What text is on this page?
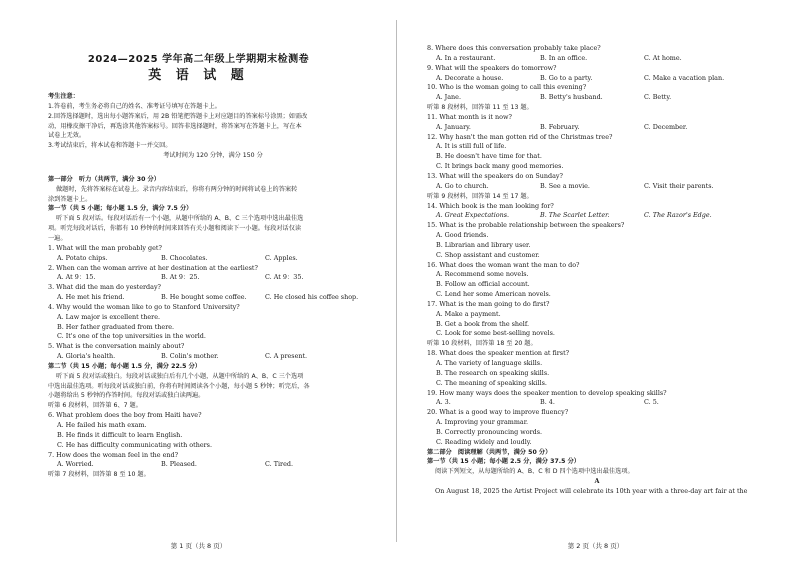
2024—2025 学年高二年级上学期期末检测卷
英 语 试 题
考生注意：
1.答卷前，考生务必将自己的姓名、准考证号填写在答题卡上。
2.回答选择题时，选出每小题答案后，用 2B 铅笔把答题卡上对应题目的答案标号涂黑；如需改
动，用橡皮擦干净后，再选涂其他答案标号。回答非选择题时，将答案写在答题卡上，写在本
试卷上无效。
3.考试结束后，将本试卷和答题卡一并交回。
考试时间为 120 分钟，满分 150 分
第一部分　听力（共两节，满分 30 分）
做题时，先将答案标在试卷上。录音内容结束后，你将有两分钟的时间将试卷上的答案转
涂到答题卡上。
第一节（共 5 小题；每小题 1.5 分，满分 7.5 分）
听下面 5 段对话。每段对话后有一个小题，从题中所给的 A、B、C 三个选项中选出最佳选
项。听完每段对话后，你都有 10 秒钟的时间来回答有关小题和阅读下一小题。每段对话仅读
一遍。
1. What will the man probably get?
A. Potato chips.	B. Chocolates.	C. Apples.
2. When can the woman arrive at her destination at the earliest?
A. At 9：15.	B. At 9：25.	C. At 9：35.
3. What did the man do yesterday?
A. He met his friend.	B. He bought some coffee.	C. He closed his coffee shop.
4. Why would the woman like to go to Stanford University?
A. Law major is excellent there.
B. Her father graduated from there.
C. It's one of the top universities in the world.
5. What is the conversation mainly about?
A. Gloria's health.	B. Colin's mother.	C. A present.
第二节（共 15 小题；每小题 1.5 分，满分 22.5 分）
听下面 5 段对话或独白。每段对话或独白后有几个小题，从题中所给的 A、B、C 三个选项
中选出最佳选项。听每段对话或独白前，你将有时间阅读各个小题，每小题 5 秒钟；听完后，各
小题将给出 5 秒钟的作答时间。每段对话或独白读两遍。
听第 6 段材料，回答第 6、7 题。
6. What problem does the boy from Haiti have?
A. He failed his math exam.
B. He finds it difficult to learn English.
C. He has difficulty communicating with others.
7. How does the woman feel in the end?
A. Worried.	B. Pleased.	C. Tired.
听第 7 段材料，回答第 8 至 10 题。
第 1 页（共 8 页）
8. Where does this conversation probably take place?
A. In a restaurant.	B. In an office.	C. At home.
9. What will the speakers do tomorrow?
A. Decorate a house.	B. Go to a party.	C. Make a vacation plan.
10. Who is the woman going to call this evening?
A. Jane.	B. Betty's husband.	C. Betty.
听第 8 段材料，回答第 11 至 13 题。
11. What month is it now?
A. January.	B. February.	C. December.
12. Why hasn't the man gotten rid of the Christmas tree?
A. It is still full of life.
B. He doesn't have time for that.
C. It brings back many good memories.
13. What will the speakers do on Sunday?
A. Go to church.	B. See a movie.	C. Visit their parents.
听第 9 段材料，回答第 14 至 17 题。
14. Which book is the man looking for?
A. Great Expectations.	B. The Scarlet Letter.	C. The Razor's Edge.
15. What is the probable relationship between the speakers?
A. Good friends.
B. Librarian and library user.
C. Shop assistant and customer.
16. What does the woman want the man to do?
A. Recommend some novels.
B. Follow an official account.
C. Lend her some American novels.
17. What is the man going to do first?
A. Make a payment.
B. Get a book from the shelf.
C. Look for some best-selling novels.
听第 10 段材料，回答第 18 至 20 题。
18. What does the speaker mention at first?
A. The variety of language skills.
B. The research on speaking skills.
C. The meaning of speaking skills.
19. How many ways does the speaker mention to develop speaking skills?
A. 3.	B. 4.	C. 5.
20. What is a good way to improve fluency?
A. Improving your grammar.
B. Correctly pronouncing words.
C. Reading widely and loudly.
第二部分　阅读理解（共两节，满分 50 分）
第一节（共 15 小题；每小题 2.5 分，满分 37.5 分）
阅读下列短文，从每题所给的 A、B、C 和 D 四个选项中选出最佳选项。
A
On August 18, 2025 the Artist Project will celebrate its 10th year with a three-day art fair at the
第 2 页（共 8 页）
